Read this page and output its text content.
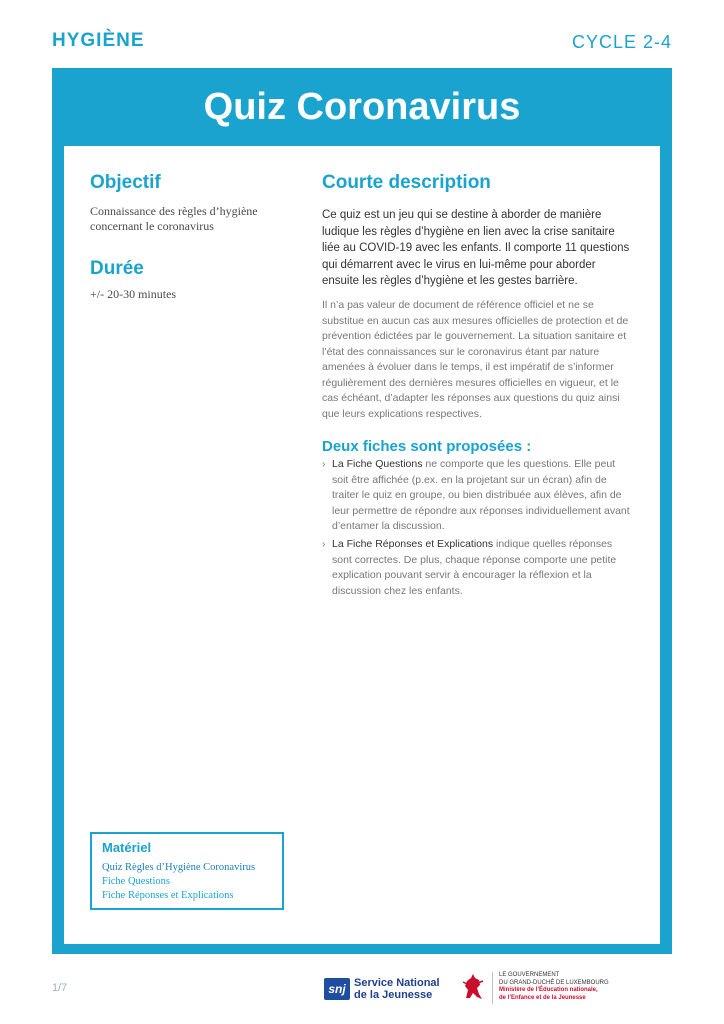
HYGIÈNE	CYCLE 2-4
Quiz Coronavirus
Objectif
Connaissance des règles d’hygiène concernant le coronavirus
Durée
+/- 20-30 minutes
Courte description
Ce quiz est un jeu qui se destine à aborder de manière ludique les règles d’hygiène en lien avec la crise sanitaire liée au COVID-19 avec les enfants. Il comporte 11 questions qui démarrent avec le virus en lui-même pour aborder ensuite les règles d’hygiène et les gestes barrière.
Il n’a pas valeur de document de référence officiel et ne se substitue en aucun cas aux mesures officielles de protection et de prévention édictées par le gouvernement. La situation sanitaire et l’état des connaissances sur le coronavirus étant par nature amenées à évoluer dans le temps, il est impératif de s’informer régulièrement des dernières mesures officielles en vigueur, et le cas échéant, d’adapter les réponses aux questions du quiz ainsi que leurs explications respectives.
Deux fiches sont proposées :
› La Fiche Questions ne comporte que les questions. Elle peut soit être affichée (p.ex. en la projetant sur un écran) afin de traiter le quiz en groupe, ou bien distribuée aux élèves, afin de leur permettre de répondre aux réponses individuellement avant d’entamer la discussion.
› La Fiche Réponses et Explications indique quelles réponses sont correctes. De plus, chaque réponse comporte une petite explication pouvant servir à encourager la réflexion et la discussion chez les enfants.
Matériel
Quiz Règles d’Hygiène Coronavirus
Fiche Questions
Fiche Réponses et Explications
1/7	snj Service National
de la Jeunesse
LE GOUVERNEMENT
DU GRAND-DUCHÉ DE LUXEMBOURG
Ministère de l’Éducation nationale,
de l’Enfance et de la Jeunesse
